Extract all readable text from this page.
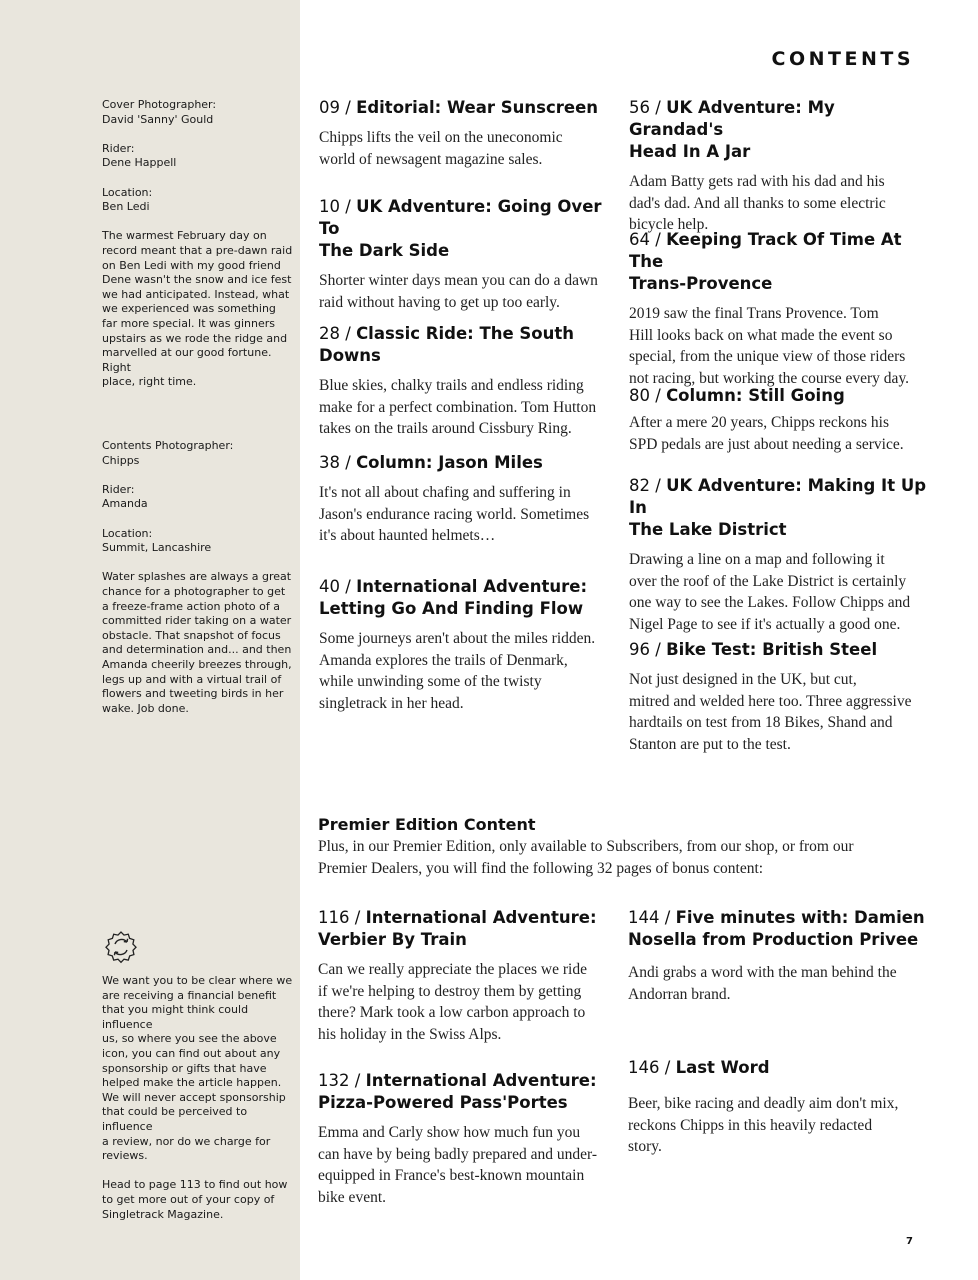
Cover Photographer:

David 'Sanny' Gould

Rider:

Dene Happell

Location:

Ben Ledi

The warmest February day on

record meant that a pre-dawn raid

on Ben Ledi with my good friend

Dene wasn't the snow and ice fest

we had anticipated. Instead, what

we experienced was something

far more special. It was ginners

upstairs as we rode the ridge and

marvelled at our good fortune. Right

place, right time.

Contents Photographer:

Chipps

Rider:

Amanda

Location:

Summit, Lancashire

Water splashes are always a great

chance for a photographer to get

a freeze-frame action photo of a

committed rider taking on a water

obstacle. That snapshot of focus

and determination and... and then

Amanda cheerily breezes through,

legs up and with a virtual trail of

flowers and tweeting birds in her

wake. Job done.

We want you to be clear where we

are receiving a financial benefit

that you might think could influence

us, so where you see the above

icon, you can find out about any

sponsorship or gifts that have

helped make the article happen.

We will never accept sponsorship

that could be perceived to influence

a review, nor do we charge for

reviews.

Head to page 113 to find out how

to get more out of your copy of

Singletrack Magazine.

CONTENTS

09 / Editorial: Wear Sunscreen

Chipps lifts the veil on the uneconomic
world of newsagent magazine sales.

10 / UK Adventure: Going Over To
The Dark Side

Shorter winter days mean you can do a dawn
raid without having to get up too early.

28 / Classic Ride: The South Downs

Blue skies, chalky trails and endless riding
make for a perfect combination. Tom Hutton
takes on the trails around Cissbury Ring.

38 / Column: Jason Miles

It's not all about chafing and suffering in
Jason's endurance racing world. Sometimes
it's about haunted helmets…

40 / International Adventure:
Letting Go And Finding Flow

Some journeys aren't about the miles ridden.
Amanda explores the trails of Denmark,
while unwinding some of the twisty
singletrack in her head.

56 / UK Adventure: My Grandad's
Head In A Jar

Adam Batty gets rad with his dad and his
dad's dad. And all thanks to some electric
bicycle help.

64 / Keeping Track Of Time At The
Trans-Provence

2019 saw the final Trans Provence. Tom
Hill looks back on what made the event so
special, from the unique view of those riders
not racing, but working the course every day.

80 / Column: Still Going

After a mere 20 years, Chipps reckons his
SPD pedals are just about needing a service.

82 / UK Adventure: Making It Up In
The Lake District

Drawing a line on a map and following it
over the roof of the Lake District is certainly
one way to see the Lakes. Follow Chipps and
Nigel Page to see if it's actually a good one.

96 / Bike Test: British Steel

Not just designed in the UK, but cut,
mitred and welded here too. Three aggressive
hardtails on test from 18 Bikes, Shand and
Stanton are put to the test.

Premier Edition Content
Plus, in our Premier Edition, only available to Subscribers, from our shop, or from our
Premier Dealers, you will find the following 32 pages of bonus content:

116 / International Adventure:
Verbier By Train

Can we really appreciate the places we ride
if we're helping to destroy them by getting
there? Mark took a low carbon approach to
his holiday in the Swiss Alps.

132 / International Adventure:
Pizza-Powered Pass'Portes

Emma and Carly show how much fun you
can have by being badly prepared and under-
equipped in France's best-known mountain
bike event.

144 / Five minutes with: Damien
Nosella from Production Privee

Andi grabs a word with the man behind the
Andorran brand.

146 / Last Word

Beer, bike racing and deadly aim don't mix,
reckons Chipps in this heavily redacted
story.

7
